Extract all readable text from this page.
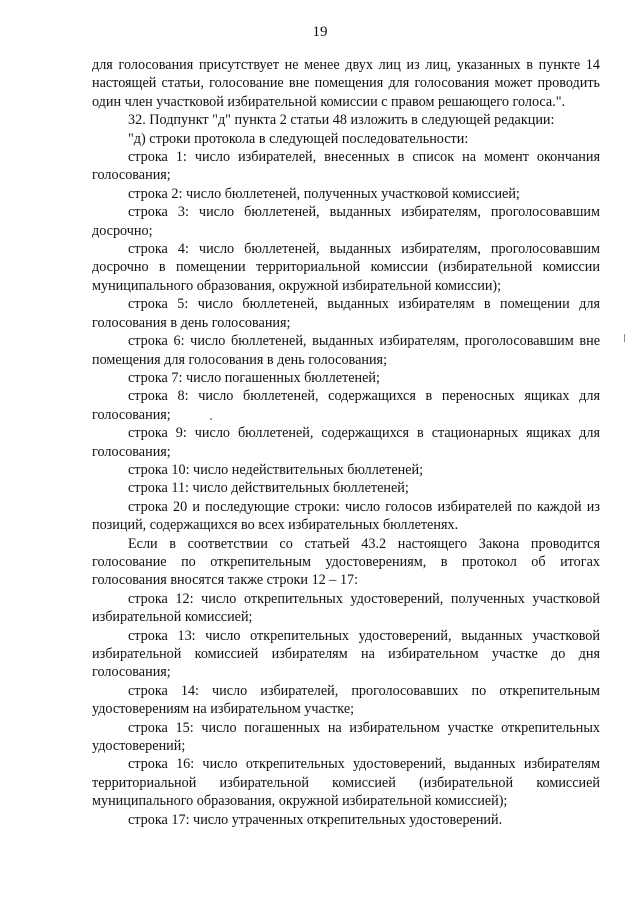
19

для голосования присутствует не менее двух лиц из лиц, указанных в пункте 14 настоящей статьи, голосование вне помещения для голосования может проводить один член участковой избирательной комиссии с правом решающего голоса.".

32. Подпункт "д" пункта 2 статьи 48 изложить в следующей редакции:

"д) строки протокола в следующей последовательности:

строка 1: число избирателей, внесенных в список на момент окончания голосования;

строка 2: число бюллетеней, полученных участковой комиссией;

строка 3: число бюллетеней, выданных избирателям, проголосовавшим досрочно;

строка 4: число бюллетеней, выданных избирателям, проголосовавшим досрочно в помещении территориальной комиссии (избирательной комиссии муниципального образования, окружной избирательной комиссии);

строка 5: число бюллетеней, выданных избирателям в помещении для голосования в день голосования;

строка 6: число бюллетеней, выданных избирателям, проголосовавшим вне помещения для голосования в день голосования;

строка 7: число погашенных бюллетеней;

строка 8: число бюллетеней, содержащихся в переносных ящиках для голосования;

строка 9: число бюллетеней, содержащихся в стационарных ящиках для голосования;

строка 10: число недействительных бюллетеней;

строка 11: число действительных бюллетеней;

строка 20 и последующие строки: число голосов избирателей по каждой из позиций, содержащихся во всех избирательных бюллетенях.

Если в соответствии со статьей 43.2 настоящего Закона проводится голосование по открепительным удостоверениям, в протокол об итогах голосования вносятся также строки 12 – 17:

строка 12: число открепительных удостоверений, полученных участковой избирательной комиссией;

строка 13: число открепительных удостоверений, выданных участковой избирательной комиссией избирателям на избирательном участке до дня голосования;

строка 14: число избирателей, проголосовавших по открепительным удостоверениям на избирательном участке;

строка 15: число погашенных на избирательном участке открепительных удостоверений;

строка 16: число открепительных удостоверений, выданных избирателям территориальной избирательной комиссией (избирательной комиссией муниципального образования, окружной избирательной комиссией);

строка 17: число утраченных открепительных удостоверений.
